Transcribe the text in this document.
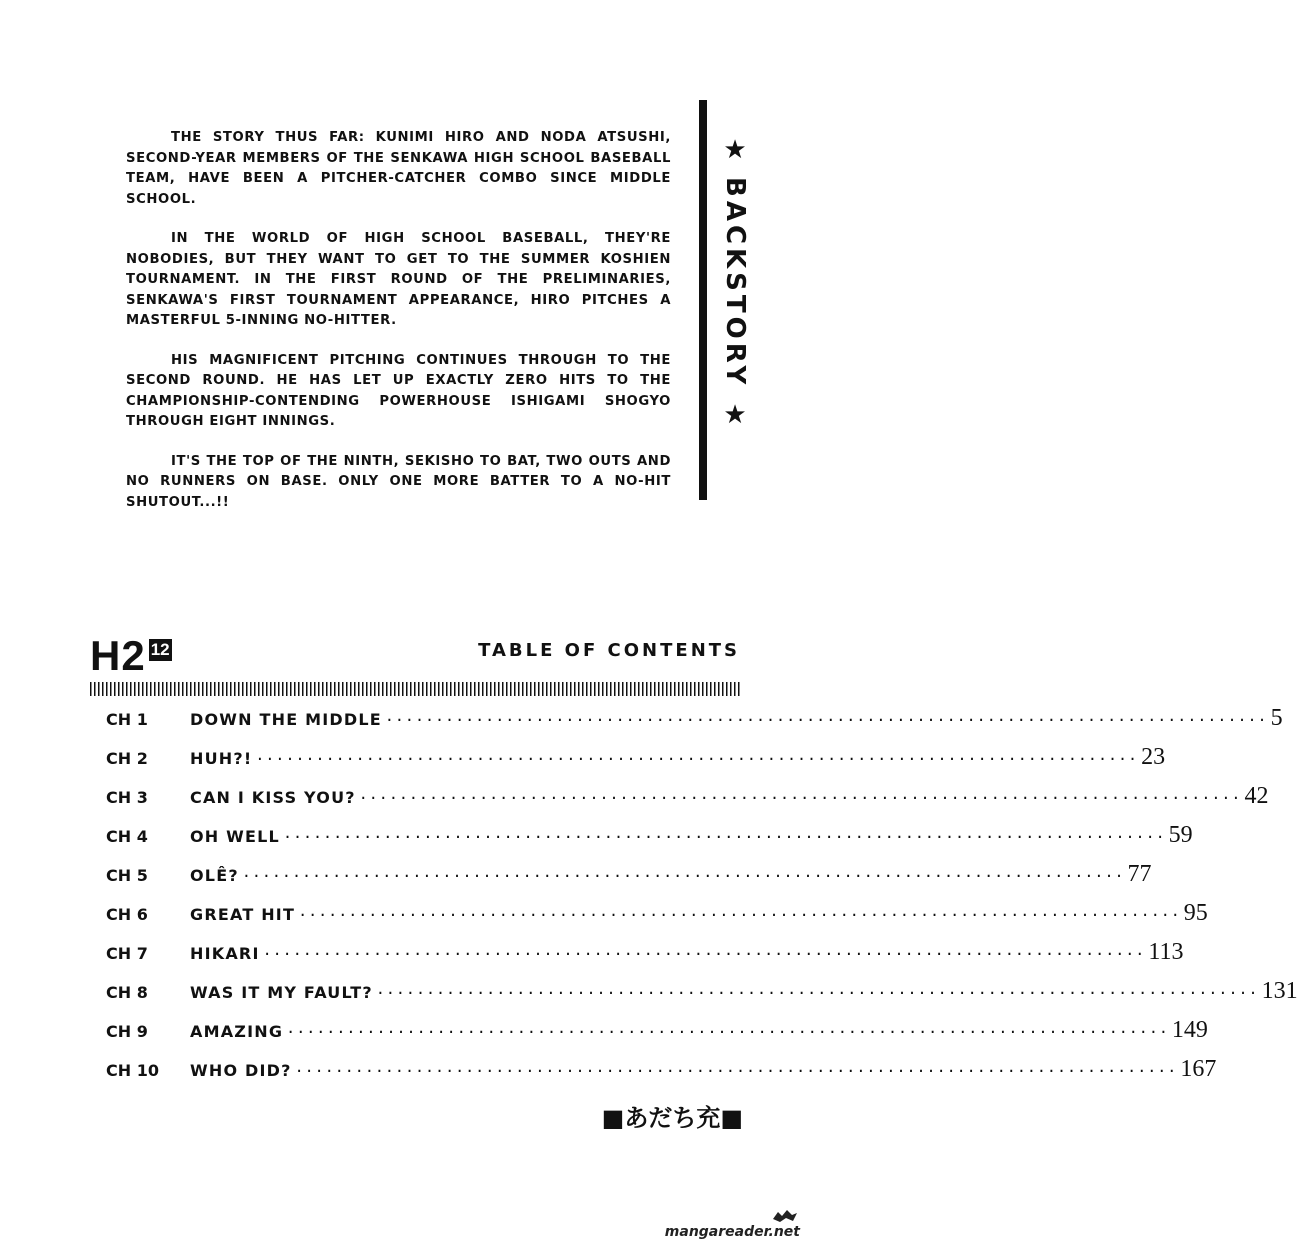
THE STORY THUS FAR: KUNIMI HIRO AND NODA ATSUSHI, SECOND-YEAR MEMBERS OF THE SENKAWA HIGH SCHOOL BASEBALL TEAM, HAVE BEEN A PITCHER-CATCHER COMBO SINCE MIDDLE SCHOOL.

IN THE WORLD OF HIGH SCHOOL BASEBALL, THEY'RE NOBODIES, BUT THEY WANT TO GET TO THE SUMMER KOSHIEN TOURNAMENT. IN THE FIRST ROUND OF THE PRELIMINARIES, SENKAWA'S FIRST TOURNAMENT APPEARANCE, HIRO PITCHES A MASTERFUL 5-INNING NO-HITTER.

HIS MAGNIFICENT PITCHING CONTINUES THROUGH TO THE SECOND ROUND. HE HAS LET UP EXACTLY ZERO HITS TO THE CHAMPIONSHIP-CONTENDING POWERHOUSE ISHIGAMI SHOGYO THROUGH EIGHT INNINGS.

IT'S THE TOP OF THE NINTH, SEKISHO TO BAT, TWO OUTS AND NO RUNNERS ON BASE. ONLY ONE MORE BATTER TO A NO-HIT SHUTOUT...!!

★
BACKSTORY
★
H2 12	TABLE OF CONTENTS
CH 1	DOWN THE MIDDLE ························································································ 5
CH 2	HUH?! ························································································ 23
CH 3	CAN I KISS YOU? ························································································ 42
CH 4	OH WELL ························································································ 59
CH 5	OLÊ? ························································································ 77
CH 6	GREAT HIT ························································································ 95
CH 7	HIKARI ························································································ 113
CH 8	WAS IT MY FAULT? ························································································ 131
CH 9	AMAZING ························································································ 149
CH 10	WHO DID? ························································································ 167
■あだち充■
mangareader.net
